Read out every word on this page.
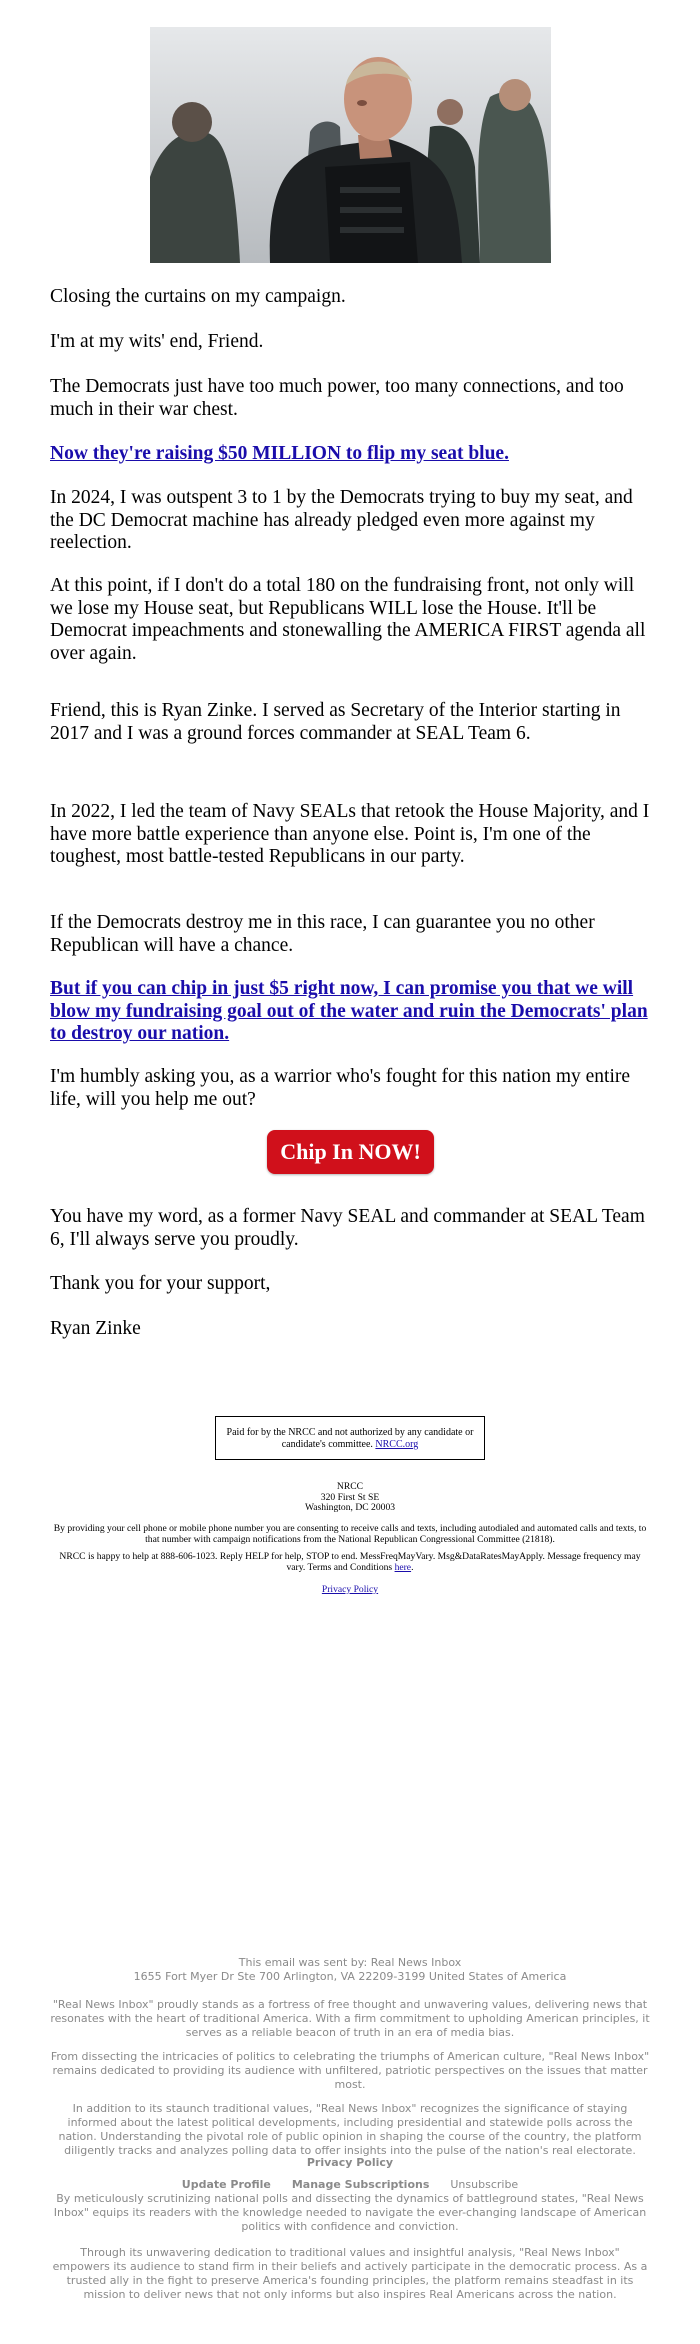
Closing the curtains on my campaign.

I'm at my wits' end, Friend.

The Democrats just have too much power, too many connections, and too much in their war chest.

Now they're raising $50 MILLION to flip my seat blue.

In 2024, I was outspent 3 to 1 by the Democrats trying to buy my seat, and the DC Democrat machine has already pledged even more against my reelection.

At this point, if I don't do a total 180 on the fundraising front, not only will we lose my House seat, but Republicans WILL lose the House. It'll be Democrat impeachments and stonewalling the AMERICA FIRST agenda all over again.

Friend, this is Ryan Zinke. I served as Secretary of the Interior starting in 2017 and I was a ground forces commander at SEAL Team 6.

In 2022, I led the team of Navy SEALs that retook the House Majority, and I have more battle experience than anyone else. Point is, I'm one of the toughest, most battle-tested Republicans in our party.

If the Democrats destroy me in this race, I can guarantee you no other Republican will have a chance.

But if you can chip in just $5 right now, I can promise you that we will blow my fundraising goal out of the water and ruin the Democrats' plan to destroy our nation.

I'm humbly asking you, as a warrior who's fought for this nation my entire life, will you help me out?

Chip In NOW!

You have my word, as a former Navy SEAL and commander at SEAL Team 6, I'll always serve you proudly.

Thank you for your support,

Ryan Zinke

Paid for by the NRCC and not authorized by any candidate or candidate's committee. NRCC.org

NRCC
320 First St SE
Washington, DC 20003

By providing your cell phone or mobile phone number you are consenting to receive calls and texts, including autodialed and automated calls and texts, to that number with campaign notifications from the National Republican Congressional Committee (21818).

NRCC is happy to help at 888-606-1023. Reply HELP for help, STOP to end. MessFreqMayVary. Msg&DataRatesMayApply. Message frequency may vary. Terms and Conditions here.

Privacy Policy

This email was sent by: Real News Inbox
1655 Fort Myer Dr Ste 700 Arlington, VA 22209-3199 United States of America

"Real News Inbox" proudly stands as a fortress of free thought and unwavering values, delivering news that resonates with the heart of traditional America. With a firm commitment to upholding American principles, it serves as a reliable beacon of truth in an era of media bias.

From dissecting the intricacies of politics to celebrating the triumphs of American culture, "Real News Inbox" remains dedicated to providing its audience with unfiltered, patriotic perspectives on the issues that matter most.

In addition to its staunch traditional values, "Real News Inbox" recognizes the significance of staying informed about the latest political developments, including presidential and statewide polls across the nation. Understanding the pivotal role of public opinion in shaping the course of the country, the platform diligently tracks and analyzes polling data to offer insights into the pulse of the nation's real electorate.

Privacy Policy

Update Profile Manage Subscriptions Unsubscribe

By meticulously scrutinizing national polls and dissecting the dynamics of battleground states, "Real News Inbox" equips its readers with the knowledge needed to navigate the ever-changing landscape of American politics with confidence and conviction.

Through its unwavering dedication to traditional values and insightful analysis, "Real News Inbox" empowers its audience to stand firm in their beliefs and actively participate in the democratic process. As a trusted ally in the fight to preserve America's founding principles, the platform remains steadfast in its mission to deliver news that not only informs but also inspires Real Americans across the nation.
